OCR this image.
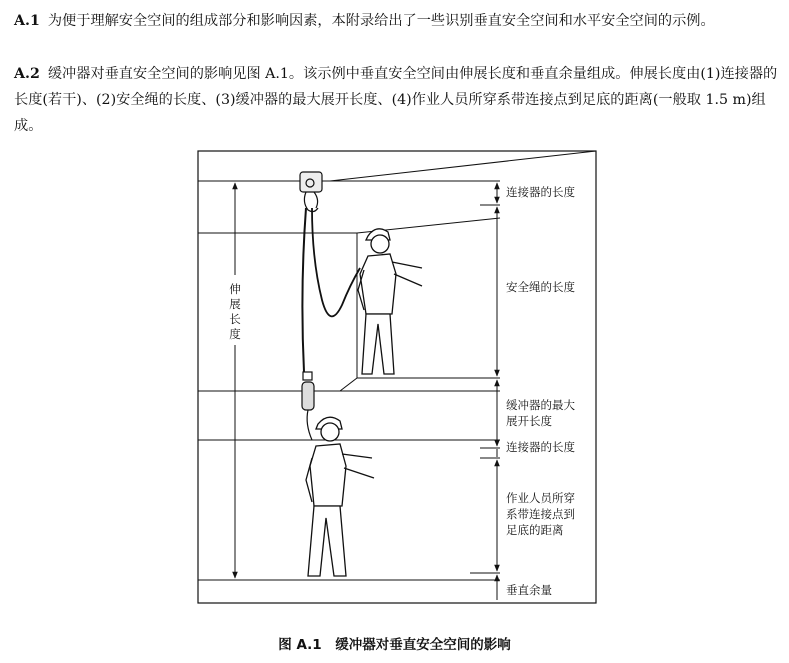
A.1 为便于理解安全空间的组成部分和影响因素，本附录给出了一些识别垂直安全空间和水平安全空间的示例。
A.2 缓冲器对垂直安全空间的影响见图 A.1。该示例中垂直安全空间由伸展长度和垂直余量组成。伸展长度由(1)连接器的长度(若干)、(2)安全绳的长度、(3)缓冲器的最大展开长度、(4)作业人员所穿系带连接点到足底的距离(一般取 1.5 m)组成。
伸
展
长
度
连接器的长度
安全绳的长度
缓冲器的最大
展开长度
连接器的长度
作业人员所穿
系带连接点到
足底的距离
垂直余量
图 A.1　缓冲器对垂直安全空间的影响
